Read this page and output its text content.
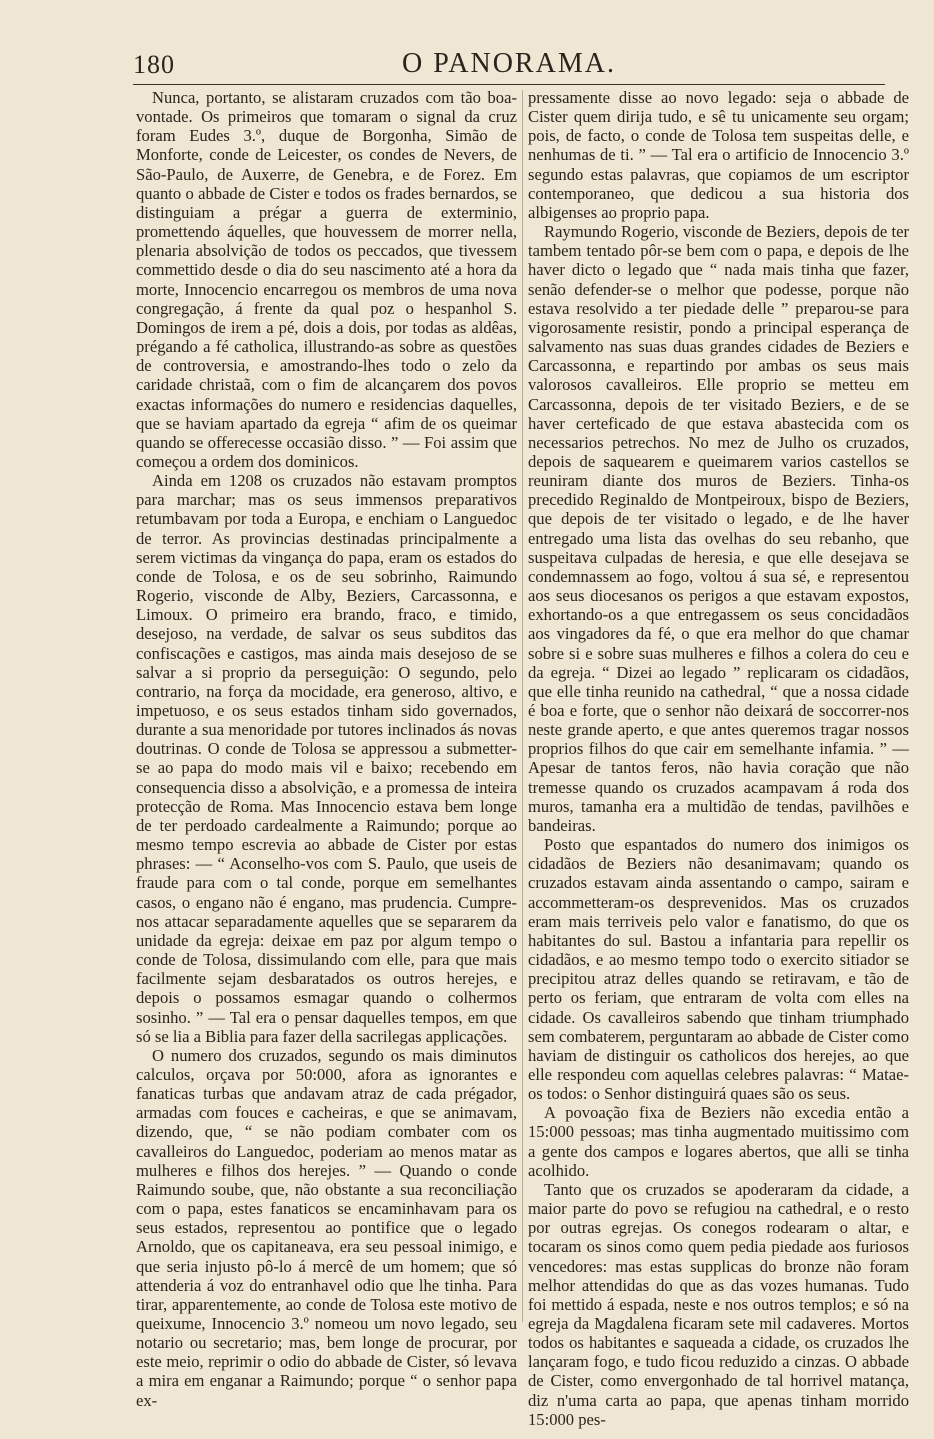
180	O PANORAMA.

Nunca, portanto, se alistaram cruzados com tão boa-vontade. Os primeiros que tomaram o signal da cruz foram Eudes 3.º, duque de Borgonha, Simão de Monforte, conde de Leicester, os condes de Nevers, de São-Paulo, de Auxerre, de Genebra, e de Forez. Em quanto o abbade de Cister e todos os frades bernardos, se distinguiam a prégar a guerra de exterminio, promettendo áquelles, que houvessem de morrer nella, plenaria absolvição de todos os peccados, que tivessem commettido desde o dia do seu nascimento até a hora da morte, Innocencio encarregou os membros de uma nova congregação, á frente da qual poz o hespanhol S. Domingos de irem a pé, dois a dois, por todas as aldêas, prégando a fé catholica, illustrando-as sobre as questões de controversia, e amostrando-lhes todo o zelo da caridade christaã, com o fim de alcançarem dos povos exactas informações do numero e residencias daquelles, que se haviam apartado da egreja “ afim de os queimar quando se offerecesse occasião disso. ” — Foi assim que começou a ordem dos dominicos.

Ainda em 1208 os cruzados não estavam promptos para marchar; mas os seus immensos preparativos retumbavam por toda a Europa, e enchiam o Languedoc de terror. As provincias destinadas principalmente a serem victimas da vingança do papa, eram os estados do conde de Tolosa, e os de seu sobrinho, Raimundo Rogerio, visconde de Alby, Beziers, Carcassonna, e Limoux. O primeiro era brando, fraco, e timido, desejoso, na verdade, de salvar os seus subditos das confiscações e castigos, mas ainda mais desejoso de se salvar a si proprio da perseguição: O segundo, pelo contrario, na força da mocidade, era generoso, altivo, e impetuoso, e os seus estados tinham sido governados, durante a sua menoridade por tutores inclinados ás novas doutrinas. O conde de Tolosa se appressou a submetter-se ao papa do modo mais vil e baixo; recebendo em consequencia disso a absolvição, e a promessa de inteira protecção de Roma. Mas Innocencio estava bem longe de ter perdoado cardealmente a Raimundo; porque ao mesmo tempo escrevia ao abbade de Cister por estas phrases: — “ Aconselho-vos com S. Paulo, que useis de fraude para com o tal conde, porque em semelhantes casos, o engano não é engano, mas prudencia. Cumpre-nos attacar separadamente aquelles que se separarem da unidade da egreja: deixae em paz por algum tempo o conde de Tolosa, dissimulando com elle, para que mais facilmente sejam desbaratados os outros herejes, e depois o possamos esmagar quando o colhermos sosinho. ” — Tal era o pensar daquelles tempos, em que só se lia a Biblia para fazer della sacrilegas applicações.

O numero dos cruzados, segundo os mais diminutos calculos, orçava por 50:000, afora as ignorantes e fanaticas turbas que andavam atraz de cada prégador, armadas com fouces e cacheiras, e que se animavam, dizendo, que, “ se não podiam combater com os cavalleiros do Languedoc, poderiam ao menos matar as mulheres e filhos dos herejes. ” — Quando o conde Raimundo soube, que, não obstante a sua reconciliação com o papa, estes fanaticos se encaminhavam para os seus estados, representou ao pontifice que o legado Arnoldo, que os capitaneava, era seu pessoal inimigo, e que seria injusto pô-lo á mercê de um homem; que só attenderia á voz do entranhavel odio que lhe tinha. Para tirar, apparentemente, ao conde de Tolosa este motivo de queixume, Innocencio 3.º nomeou um novo legado, seu notario ou secretario; mas, bem longe de procurar, por este meio, reprimir o odio do abbade de Cister, só levava a mira em enganar a Raimundo; porque “ o senhor papa ex-

pressamente disse ao novo legado: seja o abbade de Cister quem dirija tudo, e sê tu unicamente seu orgam; pois, de facto, o conde de Tolosa tem suspeitas delle, e nenhumas de ti. ” — Tal era o artificio de Innocencio 3.º segundo estas palavras, que copiamos de um escriptor contemporaneo, que dedicou a sua historia dos albigenses ao proprio papa.

Raymundo Rogerio, visconde de Beziers, depois de ter tambem tentado pôr-se bem com o papa, e depois de lhe haver dicto o legado que “ nada mais tinha que fazer, senão defender-se o melhor que podesse, porque não estava resolvido a ter piedade delle ” preparou-se para vigorosamente resistir, pondo a principal esperança de salvamento nas suas duas grandes cidades de Beziers e Carcassonna, e repartindo por ambas os seus mais valorosos cavalleiros. Elle proprio se metteu em Carcassonna, depois de ter visitado Beziers, e de se haver certeficado de que estava abastecida com os necessarios petrechos. No mez de Julho os cruzados, depois de saquearem e queimarem varios castellos se reuniram diante dos muros de Beziers. Tinha-os precedido Reginaldo de Montpeiroux, bispo de Beziers, que depois de ter visitado o legado, e de lhe haver entregado uma lista das ovelhas do seu rebanho, que suspeitava culpadas de heresia, e que elle desejava se condemnassem ao fogo, voltou á sua sé, e representou aos seus diocesanos os perigos a que estavam expostos, exhortando-os a que entregassem os seus concidadãos aos vingadores da fé, o que era melhor do que chamar sobre si e sobre suas mulheres e filhos a colera do ceu e da egreja. “ Dizei ao legado ” replicaram os cidadãos, que elle tinha reunido na cathedral, “ que a nossa cidade é boa e forte, que o senhor não deixará de soccorrer-nos neste grande aperto, e que antes queremos tragar nossos proprios filhos do que cair em semelhante infamia. ” — Apesar de tantos feros, não havia coração que não tremesse quando os cruzados acampavam á roda dos muros, tamanha era a multidão de tendas, pavilhões e bandeiras.

Posto que espantados do numero dos inimigos os cidadãos de Beziers não desanimavam; quando os cruzados estavam ainda assentando o campo, sairam e accommetteram-os desprevenidos. Mas os cruzados eram mais terriveis pelo valor e fanatismo, do que os habitantes do sul. Bastou a infantaria para repellir os cidadãos, e ao mesmo tempo todo o exercito sitiador se precipitou atraz delles quando se retiravam, e tão de perto os feriam, que entraram de volta com elles na cidade. Os cavalleiros sabendo que tinham triumphado sem combaterem, perguntaram ao abbade de Cister como haviam de distinguir os catholicos dos herejes, ao que elle respondeu com aquellas celebres palavras: “ Matae-os todos: o Senhor distinguirá quaes são os seus.

A povoação fixa de Beziers não excedia então a 15:000 pessoas; mas tinha augmentado muitissimo com a gente dos campos e logares abertos, que alli se tinha acolhido.

Tanto que os cruzados se apoderaram da cidade, a maior parte do povo se refugiou na cathedral, e o resto por outras egrejas. Os conegos rodearam o altar, e tocaram os sinos como quem pedia piedade aos furiosos vencedores: mas estas supplicas do bronze não foram melhor attendidas do que as das vozes humanas. Tudo foi mettido á espada, neste e nos outros templos; e só na egreja da Magdalena ficaram sete mil cadaveres. Mortos todos os habitantes e saqueada a cidade, os cruzados lhe lançaram fogo, e tudo ficou reduzido a cinzas. O abbade de Cister, como envergonhado de tal horrivel matança, diz n'uma carta ao papa, que apenas tinham morrido 15:000 pes-
